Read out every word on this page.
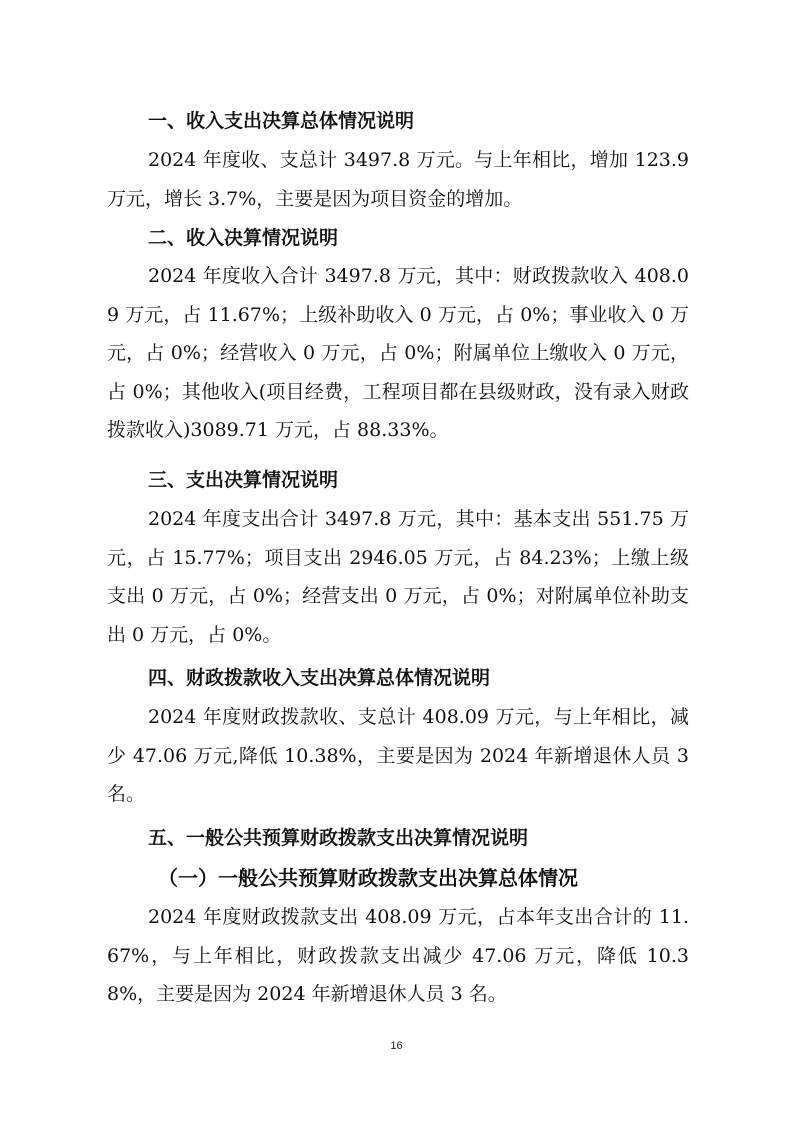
一、收入支出决算总体情况说明
2024 年度收、支总计 3497.8 万元。与上年相比，增加 123.9 万元，增长 3.7%，主要是因为项目资金的增加。
二、收入决算情况说明
2024 年度收入合计 3497.8 万元，其中：财政拨款收入 408.09 万元，占 11.67%；上级补助收入 0 万元，占 0%；事业收入 0 万元，占 0%；经营收入 0 万元，占 0%；附属单位上缴收入 0 万元，占 0%；其他收入(项目经费，工程项目都在县级财政，没有录入财政拨款收入)3089.71 万元，占 88.33%。
三、支出决算情况说明
2024 年度支出合计 3497.8 万元，其中：基本支出 551.75 万元，占 15.77%；项目支出 2946.05 万元，占 84.23%；上缴上级支出 0 万元，占 0%；经营支出 0 万元，占 0%；对附属单位补助支出 0 万元，占 0%。
四、财政拨款收入支出决算总体情况说明
2024 年度财政拨款收、支总计 408.09 万元，与上年相比，减少 47.06 万元,降低 10.38%，主要是因为 2024 年新增退休人员 3 名。
五、一般公共预算财政拨款支出决算情况说明
（一）一般公共预算财政拨款支出决算总体情况
2024 年度财政拨款支出 408.09 万元，占本年支出合计的 11.67%，与上年相比，财政拨款支出减少 47.06 万元，降低 10.38%，主要是因为 2024 年新增退休人员 3 名。
16
